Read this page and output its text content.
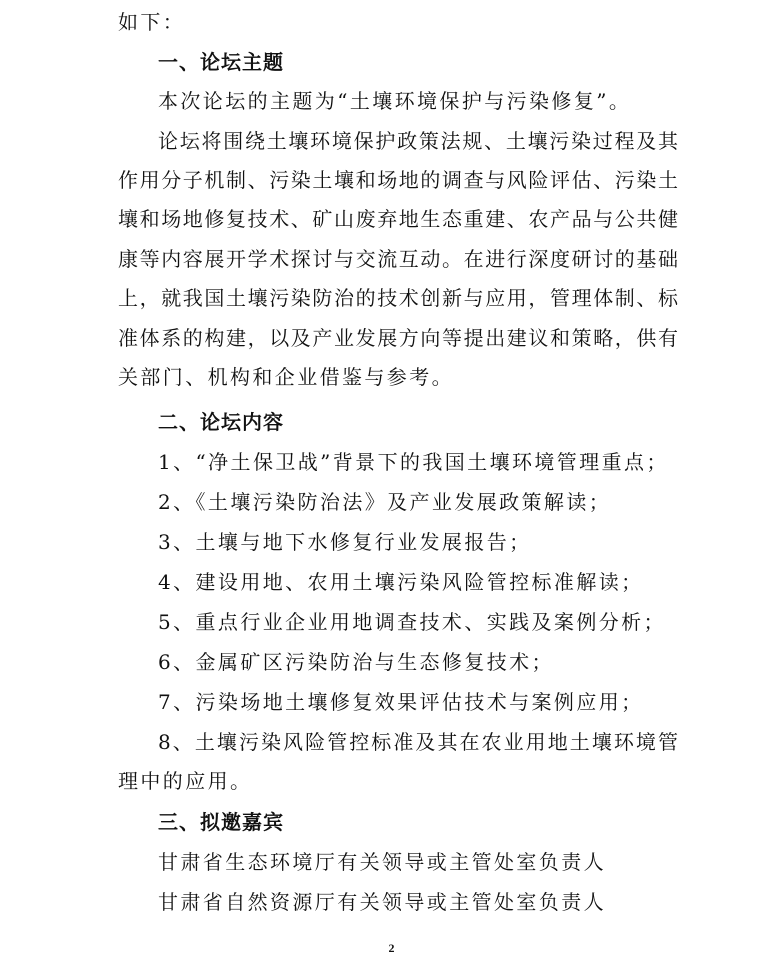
如下：
一、论坛主题
本次论坛的主题为“土壤环境保护与污染修复”。
论坛将围绕土壤环境保护政策法规、土壤污染过程及其
作用分子机制、污染土壤和场地的调查与风险评估、污染土
壤和场地修复技术、矿山废弃地生态重建、农产品与公共健
康等内容展开学术探讨与交流互动。在进行深度研讨的基础
上，就我国土壤污染防治的技术创新与应用，管理体制、标
准体系的构建，以及产业发展方向等提出建议和策略，供有
关部门、机构和企业借鉴与参考。
二、论坛内容
1、“净土保卫战”背景下的我国土壤环境管理重点；
2、《土壤污染防治法》及产业发展政策解读；
3、土壤与地下水修复行业发展报告；
4、建设用地、农用土壤污染风险管控标准解读；
5、重点行业企业用地调查技术、实践及案例分析；
6、金属矿区污染防治与生态修复技术；
7、污染场地土壤修复效果评估技术与案例应用；
8、土壤污染风险管控标准及其在农业用地土壤环境管
理中的应用。
三、拟邀嘉宾
甘肃省生态环境厅有关领导或主管处室负责人
甘肃省自然资源厅有关领导或主管处室负责人
2
